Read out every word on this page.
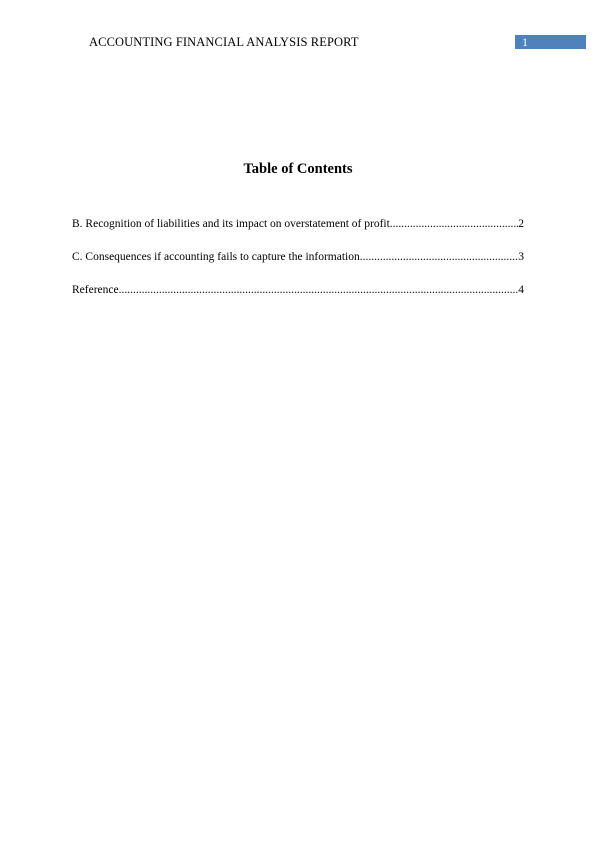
ACCOUNTING FINANCIAL ANALYSIS REPORT	1
Table of Contents
B. Recognition of liabilities and its impact on overstatement of profit .....	2
C. Consequences if accounting fails to capture the information .....	3
Reference .....	4
